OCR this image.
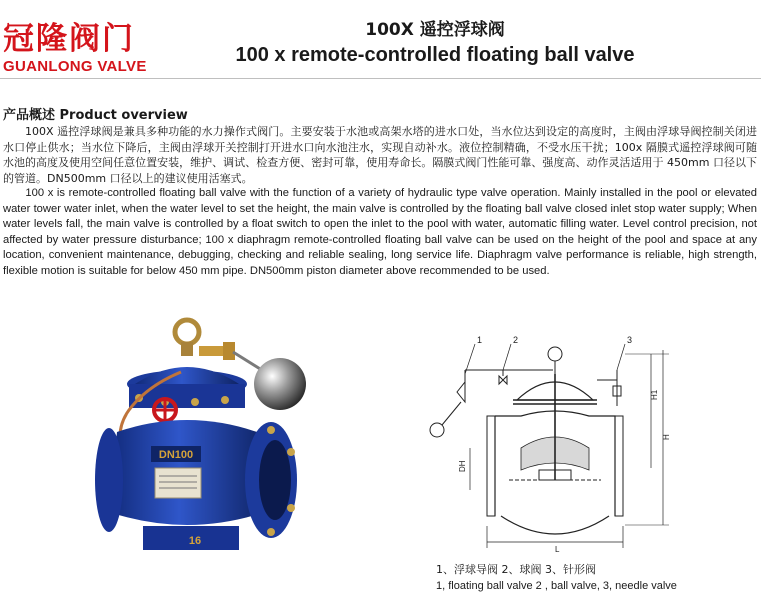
冠隆阀门
GUANLONG VALVE
100X 遥控浮球阀
100 x remote-controlled floating ball valve
产品概述 Product overview

100X 遥控浮球阀是兼具多种功能的水力操作式阀门。主要安装于水池或高架水塔的进水口处，当水位达到设定的高度时，主阀由浮球导阀控制关闭进水口停止供水；当水位下降后，主阀由浮球开关控制打开进水口向水池注水，实现自动补水。液位控制精确，不受水压干扰；100x 隔膜式遥控浮球阀可随水池的高度及使用空间任意位置安装，维护、调试、检查方便、密封可靠，使用寿命长。隔膜式阀门性能可靠、强度高、动作灵活适用于 450mm 口径以下的管道。DN500mm 口径以上的建议使用活塞式。

100 x is remote-controlled floating ball valve with the function of a variety of hydraulic type valve operation. Mainly installed in the pool or elevated water tower water inlet, when the water level to set the height, the main valve is controlled by the floating ball valve closed inlet stop water supply; When water levels fall, the main valve is controlled by a float switch to open the inlet to the pool with water, automatic filling water. Level control precision, not affected by water pressure disturbance; 100 x diaphragm remote-controlled floating ball valve can be used on the height of the pool and space at any location, convenient maintenance, debugging, checking and reliable sealing, long service life. Diaphragm valve performance is reliable, high strength, flexible motion is suitable for below 450 mm pipe. DN500mm piston diameter above recommended to be used.

DN100
16
1	2	3
H1
H
DH
L
1、浮球导阀 2、球阀 3、针形阀
1, floating ball valve 2 , ball valve, 3, needle valve
